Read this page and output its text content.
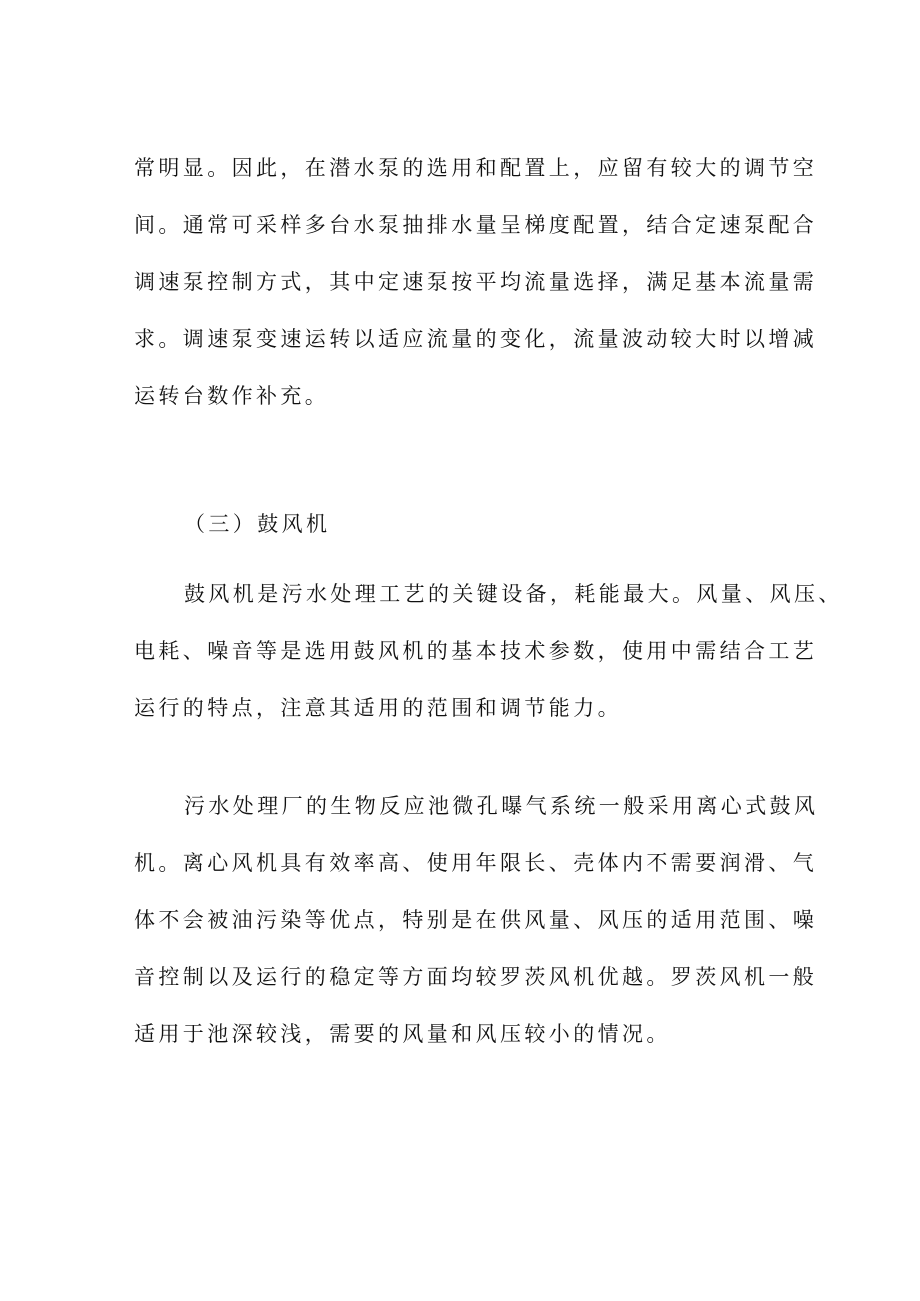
常明显。因此，在潜水泵的选用和配置上，应留有较大的调节空
间。通常可采样多台水泵抽排水量呈梯度配置，结合定速泵配合
调速泵控制方式，其中定速泵按平均流量选择，满足基本流量需
求。调速泵变速运转以适应流量的变化，流量波动较大时以增减
运转台数作补充。
（三）鼓风机
鼓风机是污水处理工艺的关键设备，耗能最大。风量、风压、
电耗、噪音等是选用鼓风机的基本技术参数，使用中需结合工艺
运行的特点，注意其适用的范围和调节能力。
污水处理厂的生物反应池微孔曝气系统一般采用离心式鼓风
机。离心风机具有效率高、使用年限长、壳体内不需要润滑、气
体不会被油污染等优点，特别是在供风量、风压的适用范围、噪
音控制以及运行的稳定等方面均较罗茨风机优越。罗茨风机一般
适用于池深较浅，需要的风量和风压较小的情况。
